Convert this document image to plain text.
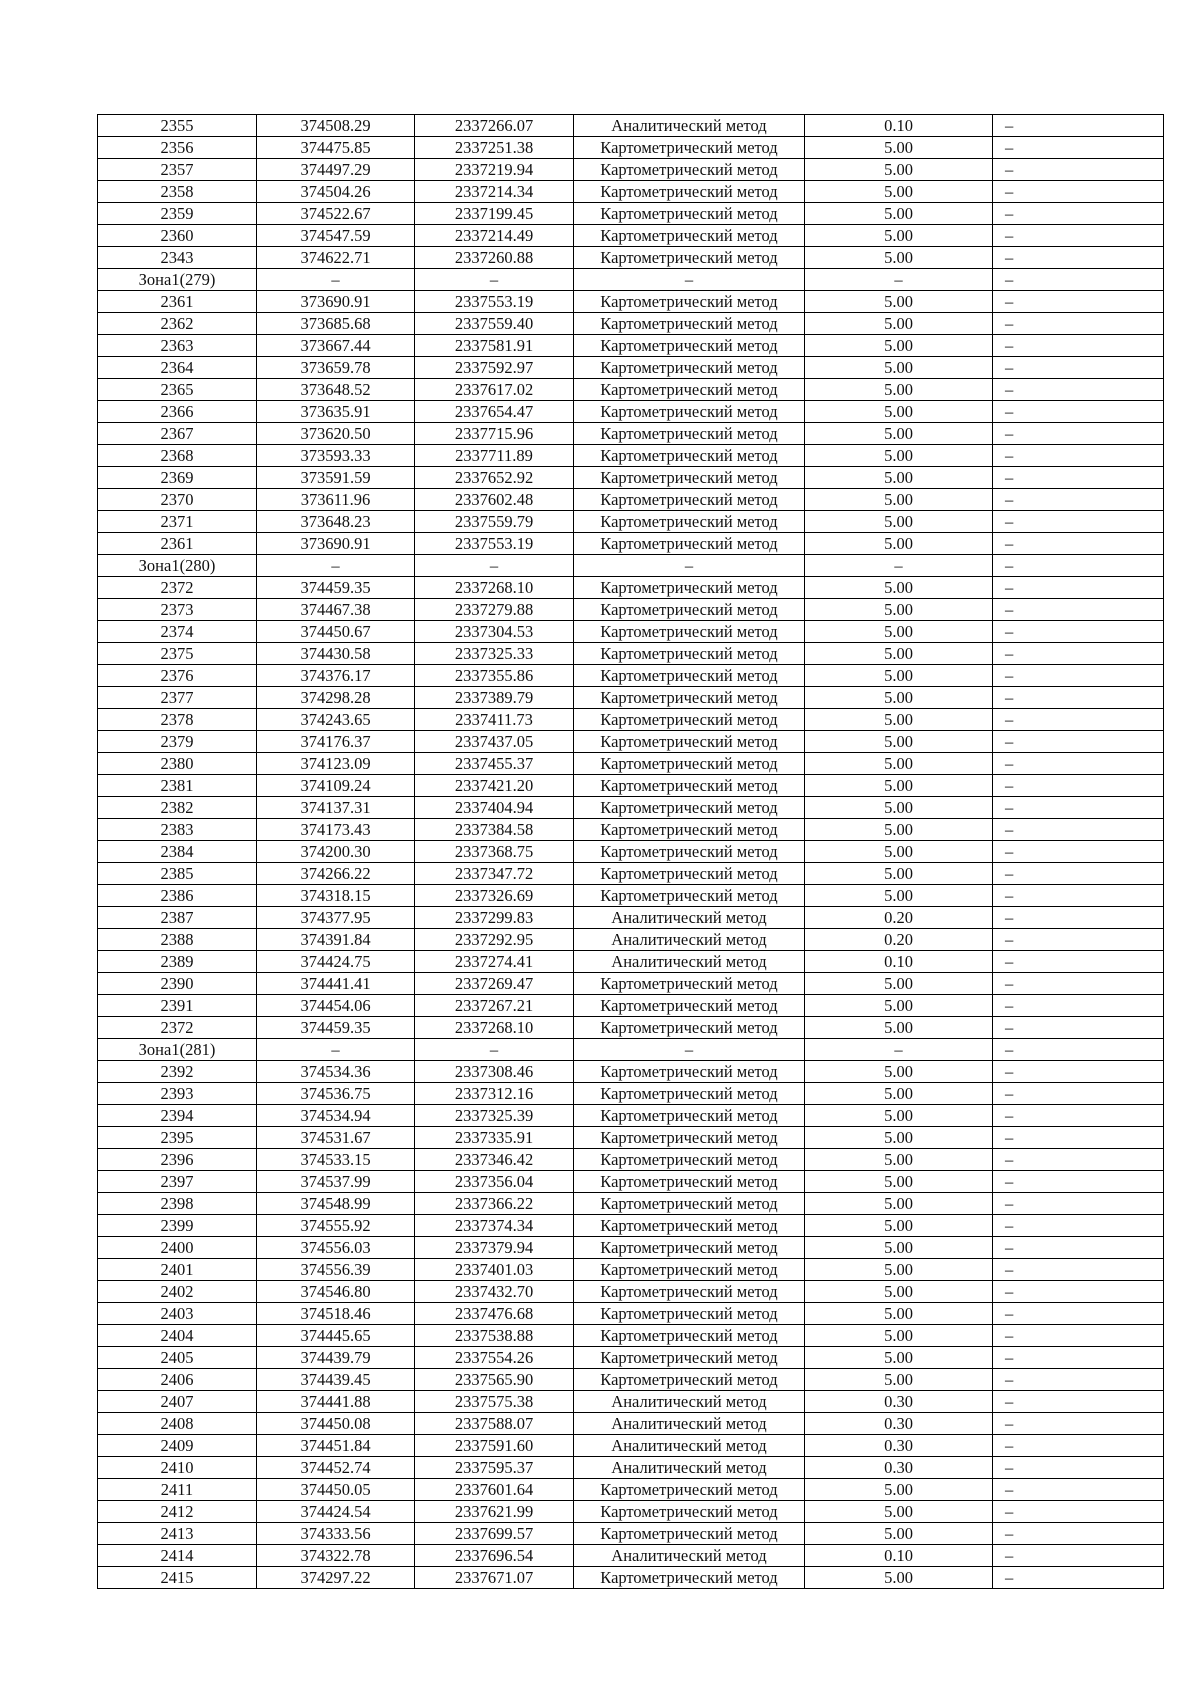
2355	374508.29	2337266.07	Аналитический метод	0.10	–
2356	374475.85	2337251.38	Картометрический метод	5.00	–
2357	374497.29	2337219.94	Картометрический метод	5.00	–
2358	374504.26	2337214.34	Картометрический метод	5.00	–
2359	374522.67	2337199.45	Картометрический метод	5.00	–
2360	374547.59	2337214.49	Картометрический метод	5.00	–
2343	374622.71	2337260.88	Картометрический метод	5.00	–
Зона1(279)	–	–	–	–	–
2361	373690.91	2337553.19	Картометрический метод	5.00	–
2362	373685.68	2337559.40	Картометрический метод	5.00	–
2363	373667.44	2337581.91	Картометрический метод	5.00	–
2364	373659.78	2337592.97	Картометрический метод	5.00	–
2365	373648.52	2337617.02	Картометрический метод	5.00	–
2366	373635.91	2337654.47	Картометрический метод	5.00	–
2367	373620.50	2337715.96	Картометрический метод	5.00	–
2368	373593.33	2337711.89	Картометрический метод	5.00	–
2369	373591.59	2337652.92	Картометрический метод	5.00	–
2370	373611.96	2337602.48	Картометрический метод	5.00	–
2371	373648.23	2337559.79	Картометрический метод	5.00	–
2361	373690.91	2337553.19	Картометрический метод	5.00	–
Зона1(280)	–	–	–	–	–
2372	374459.35	2337268.10	Картометрический метод	5.00	–
2373	374467.38	2337279.88	Картометрический метод	5.00	–
2374	374450.67	2337304.53	Картометрический метод	5.00	–
2375	374430.58	2337325.33	Картометрический метод	5.00	–
2376	374376.17	2337355.86	Картометрический метод	5.00	–
2377	374298.28	2337389.79	Картометрический метод	5.00	–
2378	374243.65	2337411.73	Картометрический метод	5.00	–
2379	374176.37	2337437.05	Картометрический метод	5.00	–
2380	374123.09	2337455.37	Картометрический метод	5.00	–
2381	374109.24	2337421.20	Картометрический метод	5.00	–
2382	374137.31	2337404.94	Картометрический метод	5.00	–
2383	374173.43	2337384.58	Картометрический метод	5.00	–
2384	374200.30	2337368.75	Картометрический метод	5.00	–
2385	374266.22	2337347.72	Картометрический метод	5.00	–
2386	374318.15	2337326.69	Картометрический метод	5.00	–
2387	374377.95	2337299.83	Аналитический метод	0.20	–
2388	374391.84	2337292.95	Аналитический метод	0.20	–
2389	374424.75	2337274.41	Аналитический метод	0.10	–
2390	374441.41	2337269.47	Картометрический метод	5.00	–
2391	374454.06	2337267.21	Картометрический метод	5.00	–
2372	374459.35	2337268.10	Картометрический метод	5.00	–
Зона1(281)	–	–	–	–	–
2392	374534.36	2337308.46	Картометрический метод	5.00	–
2393	374536.75	2337312.16	Картометрический метод	5.00	–
2394	374534.94	2337325.39	Картометрический метод	5.00	–
2395	374531.67	2337335.91	Картометрический метод	5.00	–
2396	374533.15	2337346.42	Картометрический метод	5.00	–
2397	374537.99	2337356.04	Картометрический метод	5.00	–
2398	374548.99	2337366.22	Картометрический метод	5.00	–
2399	374555.92	2337374.34	Картометрический метод	5.00	–
2400	374556.03	2337379.94	Картометрический метод	5.00	–
2401	374556.39	2337401.03	Картометрический метод	5.00	–
2402	374546.80	2337432.70	Картометрический метод	5.00	–
2403	374518.46	2337476.68	Картометрический метод	5.00	–
2404	374445.65	2337538.88	Картометрический метод	5.00	–
2405	374439.79	2337554.26	Картометрический метод	5.00	–
2406	374439.45	2337565.90	Картометрический метод	5.00	–
2407	374441.88	2337575.38	Аналитический метод	0.30	–
2408	374450.08	2337588.07	Аналитический метод	0.30	–
2409	374451.84	2337591.60	Аналитический метод	0.30	–
2410	374452.74	2337595.37	Аналитический метод	0.30	–
2411	374450.05	2337601.64	Картометрический метод	5.00	–
2412	374424.54	2337621.99	Картометрический метод	5.00	–
2413	374333.56	2337699.57	Картометрический метод	5.00	–
2414	374322.78	2337696.54	Аналитический метод	0.10	–
2415	374297.22	2337671.07	Картометрический метод	5.00	–
